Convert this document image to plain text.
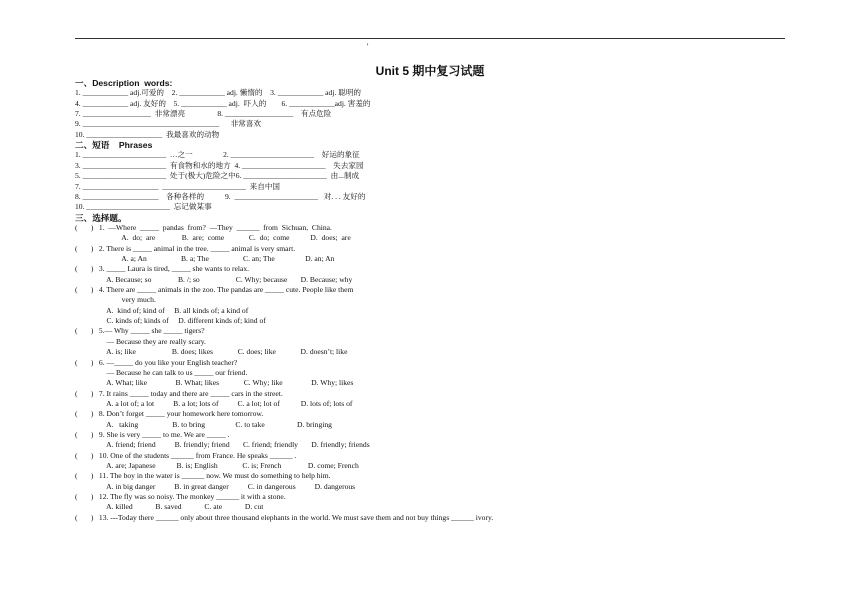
'
Unit 5 期中复习试题
一、Description  words:
1. ____________ adj.可爱的    2. ____________ adj. 懒惰的    3. ____________ adj. 聪明的
4. ____________ adj. 友好的    5. ____________ adj.  吓人的        6. ____________adj. 害羞的
7. __________________  非常漂亮                 8. __________________    有点危险
9. ____________________________________      非常喜欢
10. ____________________  我最喜欢的动物
二、短语    Phrases
1. ______________________  …之一                2. ______________________    好运的象征
3. ______________________  有食物和水的地方  4. ______________________    失去家园
5. ______________________  处于(极大)危险之中6. ______________________  由...制成
7. ____________________  ______________________  来自中国
8. ____________________    各种各样的           9.  ______________________   对. . . 友好的
10. ______________________  忘记做某事
三、选择题。
(       ) 1.  —Where  _____  pandas  from?  —They  ______  from  Sichuan,  China.
A.  do;  are              B.  are;  come             C.  do;  come           D.  does;  are
(       ) 2. There is _____ animal in the tree. _____ animal is very smart.
A. a; An                  B. a; The                  C. an; The                D. an; An
(       ) 3. _____ Laura is tired, _____ she wants to relax.
A. Because; so              B. /; so                   C. Why; because       D. Because; why
(       ) 4. There are _____ animals in the zoo. The pandas are _____ cute. People like them
very much.
A.  kind of; kind of     B. all kinds of; a kind of
C. kinds of; kinds of     D. different kinds of; kind of
(       ) 5.— Why _____ she _____ tigers?
— Because they are really scary.
A. is; like                   B. does; likes             C. does; like             D. doesn’t; like
(       ) 6. —_____ do you like your English teacher?
— Because he can talk to us _____ our friend.
A. What; like               B. What; likes             C. Why; like               D. Why; likes
(       ) 7. It rains _____ today and there are _____ cars in the street.
A. a lot of; a lot          B. a lot; lots of          C. a lot; lot of           D. lots of; lots of
(       ) 8. Don’t forget _____ your homework here tomorrow.
A.   taking                  B. to bring                C. to take                 D. bringing
(       ) 9. She is very _____ to me. We are _____ .
A. friend; friend          B. friendly; friend       C. friend; friendly       D. friendly; friends
(       ) 10. One of the students ______ from France. He speaks ______ .
A. are; Japanese           B. is; English             C. is; French              D. come; French
(       ) 11. The boy in the water is ______ now. We must do something to help him.
A. in big danger          B. in great danger          C. in dangerous          D. dangerous
(       ) 12. The fly was so noisy. The monkey ______ it with a stone.
A. killed            B. saved            C. ate            D. cut
(       ) 13. ---Today there ______ only about three thousand elephants in the world. We must save them and not buy things ______ ivory.
